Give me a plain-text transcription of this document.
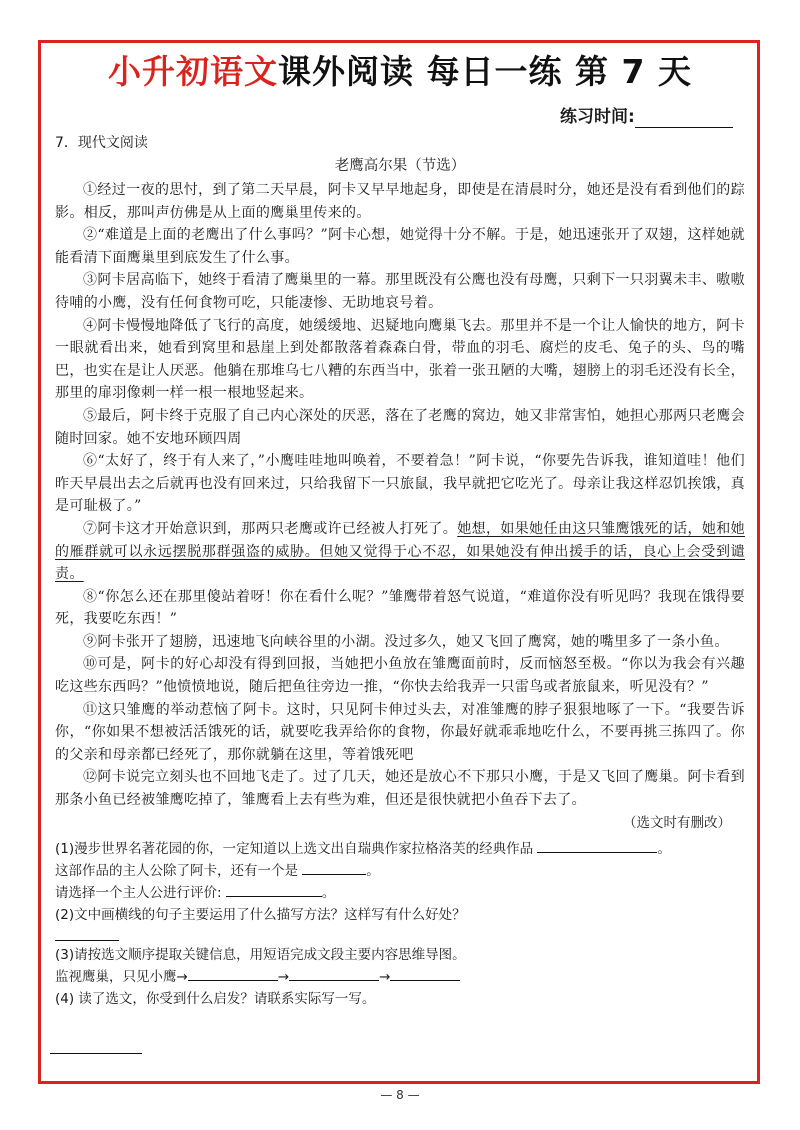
小升初语文课外阅读 每日一练 第 7 天
练习时间:
7．现代文阅读
老鹰高尔果（节选）

①经过一夜的思忖，到了第二天早晨，阿卡又早早地起身，即使是在清晨时分，她还是没有看到他们的踪影。相反，那叫声仿佛是从上面的鹰巢里传来的。

②“难道是上面的老鹰出了什么事吗？”阿卡心想，她觉得十分不解。于是，她迅速张开了双翅，这样她就能看清下面鹰巢里到底发生了什么事。

③阿卡居高临下，她终于看清了鹰巢里的一幕。那里既没有公鹰也没有母鹰，只剩下一只羽翼未丰、嗷嗷待哺的小鹰，没有任何食物可吃，只能凄惨、无助地哀号着。

④阿卡慢慢地降低了飞行的高度，她缓缓地、迟疑地向鹰巢飞去。那里并不是一个让人愉快的地方，阿卡一眼就看出来，她看到窝里和悬崖上到处都散落着森森白骨，带血的羽毛、腐烂的皮毛、兔子的头、鸟的嘴巴，也实在是让人厌恶。他躺在那堆乌七八糟的东西当中，张着一张丑陋的大嘴，翅膀上的羽毛还没有长全，那里的扉羽像刺一样一根一根地竖起来。

⑤最后，阿卡终于克服了自己内心深处的厌恶，落在了老鹰的窝边，她又非常害怕，她担心那两只老鹰会随时回家。她不安地环顾四周

⑥“太好了，终于有人来了，”小鹰哇哇地叫唤着，不要着急！”阿卡说，“你要先告诉我，谁知道哇！他们昨天早晨出去之后就再也没有回来过，只给我留下一只旅鼠，我早就把它吃光了。母亲让我这样忍饥挨饿，真是可耻极了。”

⑦阿卡这才开始意识到，那两只老鹰或许已经被人打死了。她想，如果她任由这只雏鹰饿死的话，她和她的雁群就可以永远摆脱那群强盗的威胁。但她又觉得于心不忍，如果她没有伸出援手的话，良心上会受到谴责。

⑧“你怎么还在那里傻站着呀！你在看什么呢？”雏鹰带着怒气说道，“难道你没有听见吗？我现在饿得要死，我要吃东西！”

⑨阿卡张开了翅膀，迅速地飞向峡谷里的小湖。没过多久，她又飞回了鹰窝，她的嘴里多了一条小鱼。

⑩可是，阿卡的好心却没有得到回报，当她把小鱼放在雏鹰面前时，反而恼怒至极。“你以为我会有兴趣吃这些东西吗？”他愤愤地说，随后把鱼往旁边一推，“你快去给我弄一只雷鸟或者旅鼠来，听见没有？”

⑪这只雏鹰的举动惹恼了阿卡。这时，只见阿卡伸过头去，对准雏鹰的脖子狠狠地啄了一下。“我要告诉你，“你如果不想被活活饿死的话，就要吃我弄给你的食物，你最好就乖乖地吃什么，不要再挑三拣四了。你的父亲和母亲都已经死了，那你就躺在这里，等着饿死吧

⑫阿卡说完立刻头也不回地飞走了。过了几天，她还是放心不下那只小鹰，于是又飞回了鹰巢。阿卡看到那条小鱼已经被雏鹰吃掉了，雏鹰看上去有些为难，但还是很快就把小鱼吞下去了。

（选文时有删改）

(1)漫步世界名著花园的你，一定知道以上选文出自瑞典作家拉格洛芙的经典作品	。

这部作品的主人公除了阿卡，还有一个是	。

请选择一个主人公进行评价:	。

(2)文中画横线的句子主要运用了什么描写方法？这样写有什么好处？

(3)请按选文顺序提取关键信息，用短语完成文段主要内容思维导图。

监视鹰巢，只见小鹰→	→	→

(4) 读了选文，你受到什么启发？请联系实际写一写。

— 8 —
